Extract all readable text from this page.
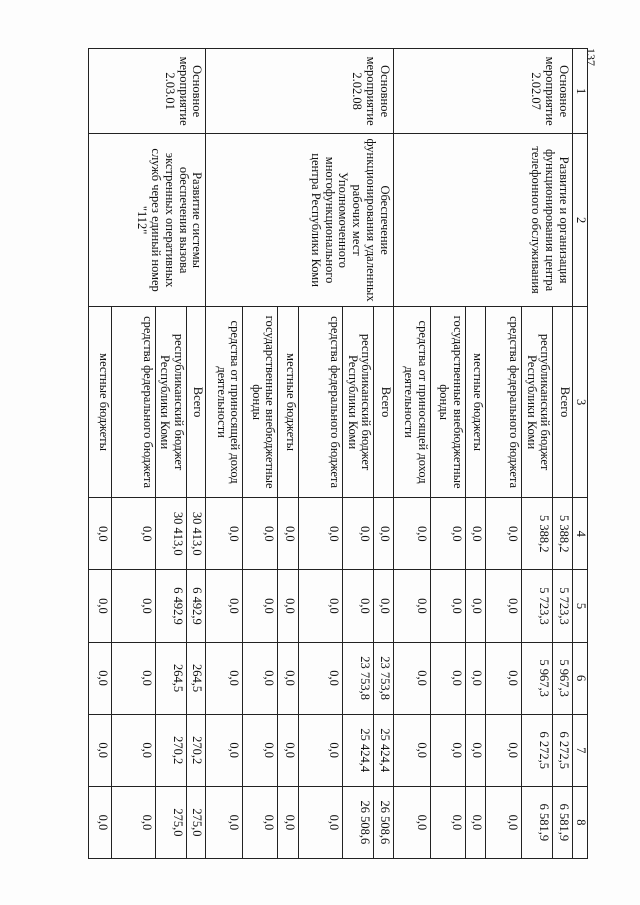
137
1	2	3	4	5	6	7	8
Основное мероприятие 2.02.07	Развитие и организация функционирования центра телефонного обслуживания	Всего	5 388,2	5 723,3	5 967,3	6 272,5	6 581,9
		республиканский бюджет Республики Коми	5 388,2	5 723,3	5 967,3	6 272,5	6 581,9
		средства федерального бюджета	0,0	0,0	0,0	0,0	0,0
		местные бюджеты	0,0	0,0	0,0	0,0	0,0
		государственные внебюджетные фонды	0,0	0,0	0,0	0,0	0,0
		средства от приносящей доход деятельности	0,0	0,0	0,0	0,0	0,0
Основное мероприятие 2.02.08	Обеспечение функционирования удаленных рабочих мест Уполномоченного многофункционального центра Республики Коми	Всего	0,0	0,0	23 753,8	25 424,4	26 508,6
		республиканский бюджет Республики Коми	0,0	0,0	23 753,8	25 424,4	26 508,6
		средства федерального бюджета	0,0	0,0	0,0	0,0	0,0
		местные бюджеты	0,0	0,0	0,0	0,0	0,0
		государственные внебюджетные фонды	0,0	0,0	0,0	0,0	0,0
		средства от приносящей доход деятельности	0,0	0,0	0,0	0,0	0,0
Основное мероприятие 2.03.01	Развитие системы обеспечения вызова экстренных оперативных служб через единый номер "112"	Всего	30 413,0	6 492,9	264,5	270,2	275,0
		республиканский бюджет Республики Коми	30 413,0	6 492,9	264,5	270,2	275,0
		средства федерального бюджета	0,0	0,0	0,0	0,0	0,0
		местные бюджеты	0,0	0,0	0,0	0,0	0,0
